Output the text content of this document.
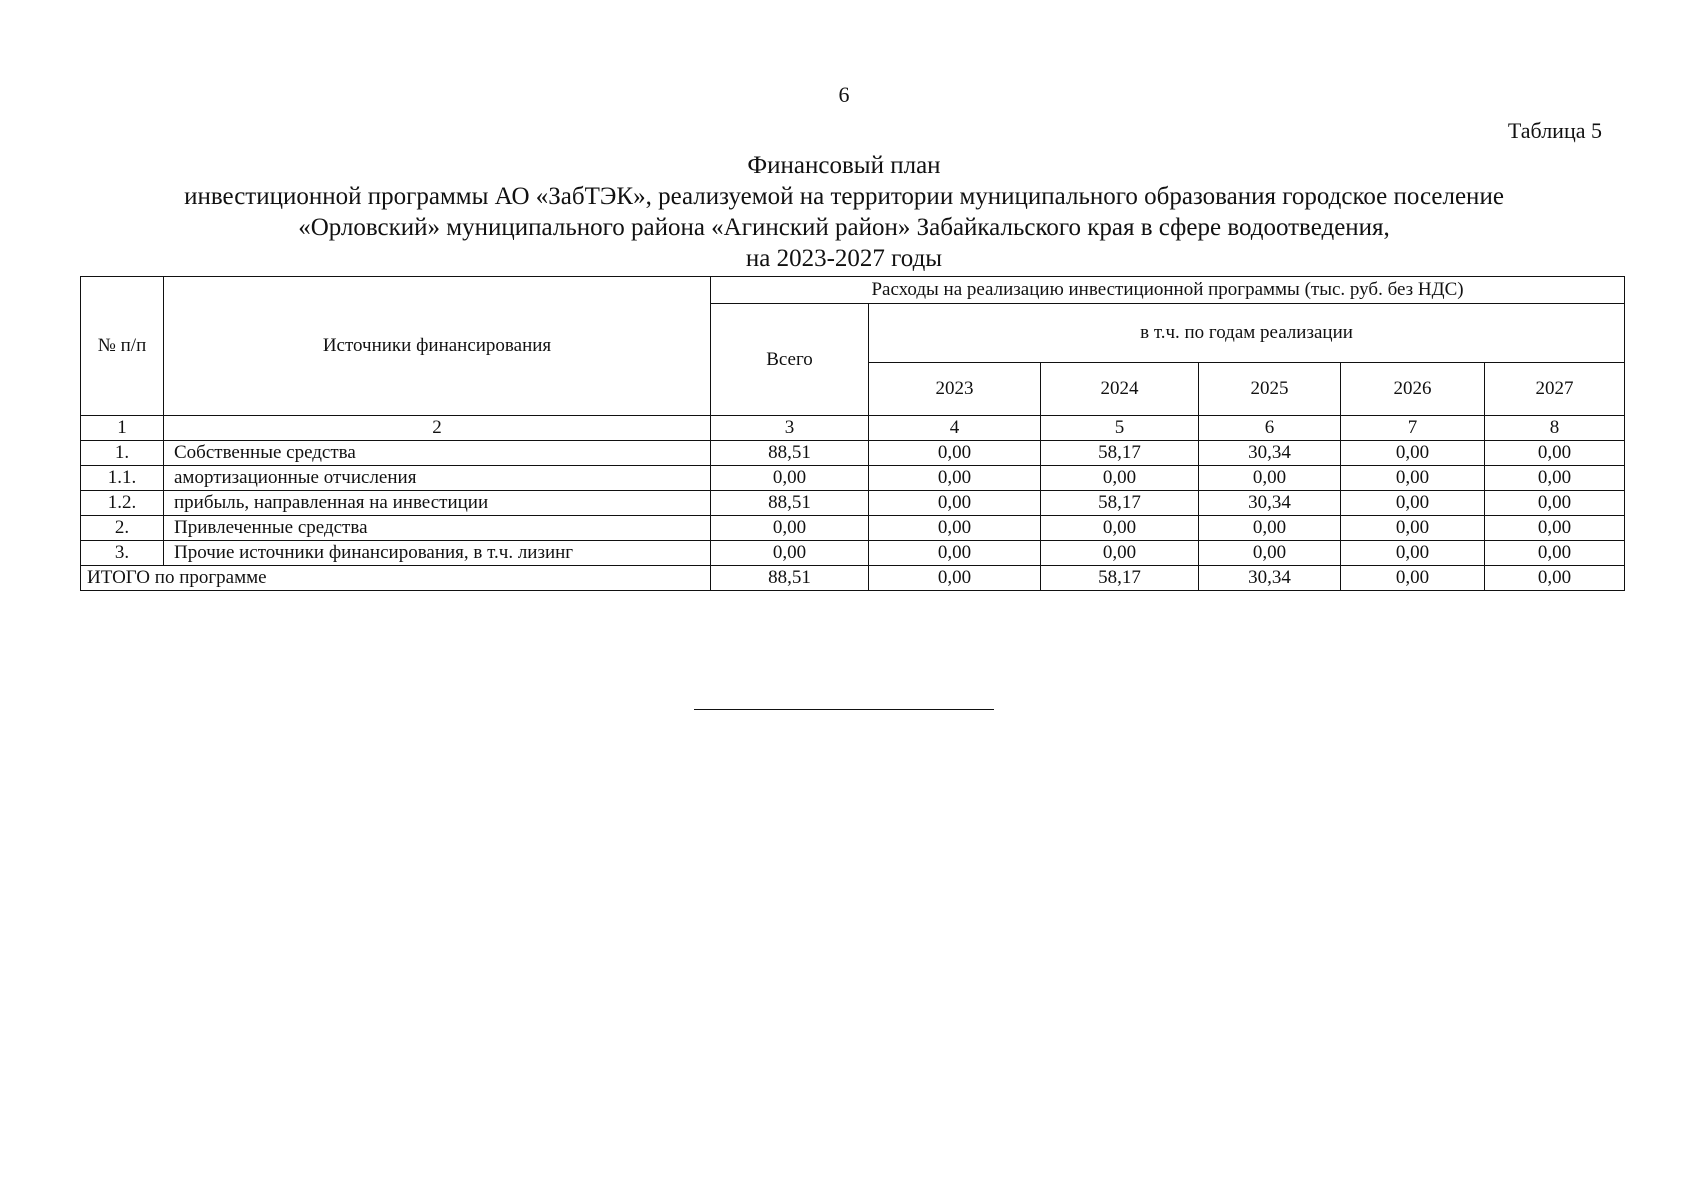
6
Таблица 5
Финансовый план
инвестиционной программы АО «ЗабТЭК», реализуемой на территории муниципального образования городское поселение
«Орловский» муниципального района «Агинский район» Забайкальского края в сфере водоотведения,
на 2023-2027 годы
№ п/п	Источники финансирования	Расходы на реализацию инвестиционной программы (тыс. руб. без НДС)					
		Всего	в т.ч. по годам реализации				
			2023	2024	2025	2026	2027
1	2	3	4	5	6	7	8
1.	Собственные средства	88,51	0,00	58,17	30,34	0,00	0,00
1.1.	амортизационные отчисления	0,00	0,00	0,00	0,00	0,00	0,00
1.2.	прибыль, направленная на инвестиции	88,51	0,00	58,17	30,34	0,00	0,00
2.	Привлеченные средства	0,00	0,00	0,00	0,00	0,00	0,00
3.	Прочие источники финансирования, в т.ч. лизинг	0,00	0,00	0,00	0,00	0,00	0,00
ИТОГО по программе		88,51	0,00	58,17	30,34	0,00	0,00
